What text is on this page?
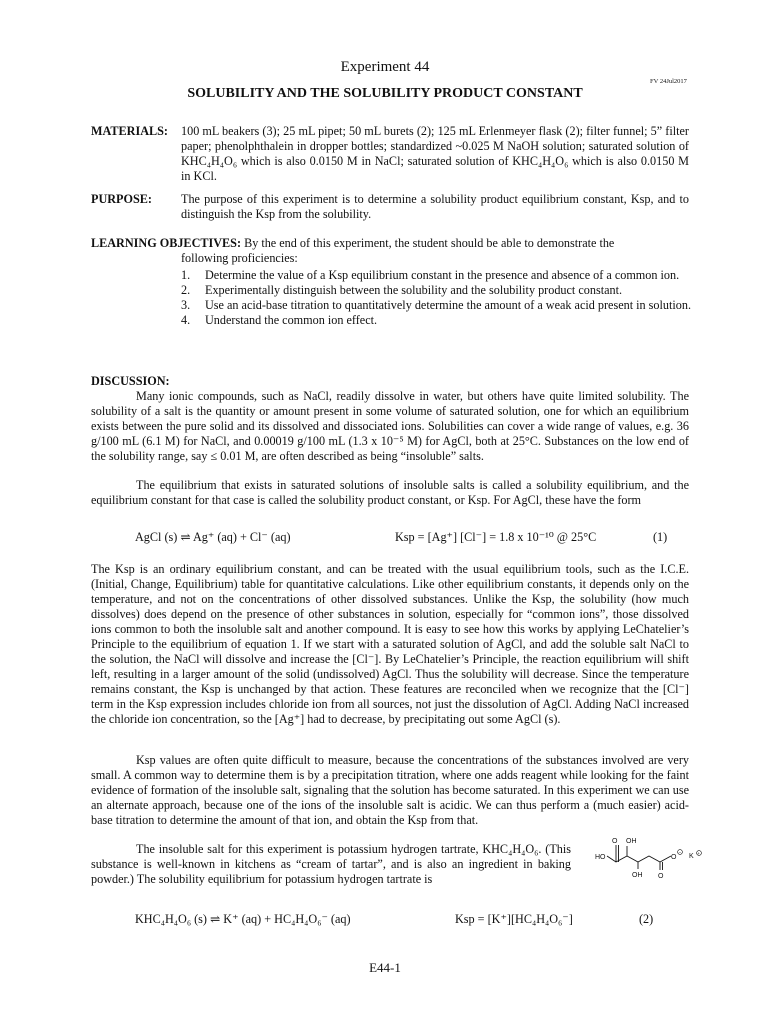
Experiment 44
FV 24Jul2017
SOLUBILITY AND THE SOLUBILITY PRODUCT CONSTANT
MATERIALS: 100 mL beakers (3); 25 mL pipet; 50 mL burets (2); 125 mL Erlenmeyer flask (2); filter funnel; 5” filter paper; phenolphthalein in dropper bottles; standardized ~0.025 M NaOH solution; saturated solution of KHC₄H₄O₆ which is also 0.0150 M in NaCl; saturated solution of KHC₄H₄O₆ which is also 0.0150 M in KCl.
PURPOSE: The purpose of this experiment is to determine a solubility product equilibrium constant, Ksp, and to distinguish the Ksp from the solubility.
LEARNING OBJECTIVES: By the end of this experiment, the student should be able to demonstrate the
following proficiencies:
1. Determine the value of a Ksp equilibrium constant in the presence and absence of a common ion.
2. Experimentally distinguish between the solubility and the solubility product constant.
3. Use an acid-base titration to quantitatively determine the amount of a weak acid present in solution.
4. Understand the common ion effect.
DISCUSSION:
Many ionic compounds, such as NaCl, readily dissolve in water, but others have quite limited solubility. The solubility of a salt is the quantity or amount present in some volume of saturated solution, one for which an equilibrium exists between the pure solid and its dissolved and dissociated ions. Solubilities can cover a wide range of values, e.g. 36 g/100 mL (6.1 M) for NaCl, and 0.00019 g/100 mL (1.3 x 10⁻⁵ M) for AgCl, both at 25°C. Substances on the low end of the solubility range, say ≤ 0.01 M, are often described as being “insoluble” salts.
The equilibrium that exists in saturated solutions of insoluble salts is called a solubility equilibrium, and the equilibrium constant for that case is called the solubility product constant, or Ksp. For AgCl, these have the form
AgCl (s) ⇌ Ag⁺ (aq) + Cl⁻ (aq)	Ksp = [Ag⁺] [Cl⁻] = 1.8 x 10⁻¹⁰ @ 25°C	(1)
The Ksp is an ordinary equilibrium constant, and can be treated with the usual equilibrium tools, such as the I.C.E. (Initial, Change, Equilibrium) table for quantitative calculations. Like other equilibrium constants, it depends only on the temperature, and not on the concentrations of other dissolved substances. Unlike the Ksp, the solubility (how much dissolves) does depend on the presence of other substances in solution, especially for “common ions”, those dissolved ions common to both the insoluble salt and another compound. It is easy to see how this works by applying LeChatelier’s Principle to the equilibrium of equation 1. If we start with a saturated solution of AgCl, and add the soluble salt NaCl to the solution, the NaCl will dissolve and increase the [Cl⁻]. By LeChatelier’s Principle, the reaction equilibrium will shift left, resulting in a larger amount of the solid (undissolved) AgCl. Thus the solubility will decrease. Since the temperature remains constant, the Ksp is unchanged by that action. These features are reconciled when we recognize that the [Cl⁻] term in the Ksp expression includes chloride ion from all sources, not just the dissolution of AgCl. Adding NaCl increased the chloride ion concentration, so the [Ag⁺] had to decrease, by precipitating out some AgCl (s).
Ksp values are often quite difficult to measure, because the concentrations of the substances involved are very small. A common way to determine them is by a precipitation titration, where one adds reagent while looking for the faint evidence of formation of the insoluble salt, signaling that the solution has become saturated. In this experiment we can use an alternate approach, because one of the ions of the insoluble salt is acidic. We can thus perform a (much easier) acid-base titration to determine the amount of that ion, and obtain the Ksp from that.
The insoluble salt for this experiment is potassium hydrogen tartrate, KHC₄H₄O₆. (This substance is well-known in kitchens as “cream of tartar”, and is also an ingredient in baking powder.) The solubility equilibrium for potassium hydrogen tartrate is
O OH
HO	O
−
K +
OH O
KHC₄H₄O₆ (s) ⇌ K⁺ (aq) + HC₄H₄O₆⁻ (aq)	Ksp = [K⁺][HC₄H₄O₆⁻]	(2)
E44-1
